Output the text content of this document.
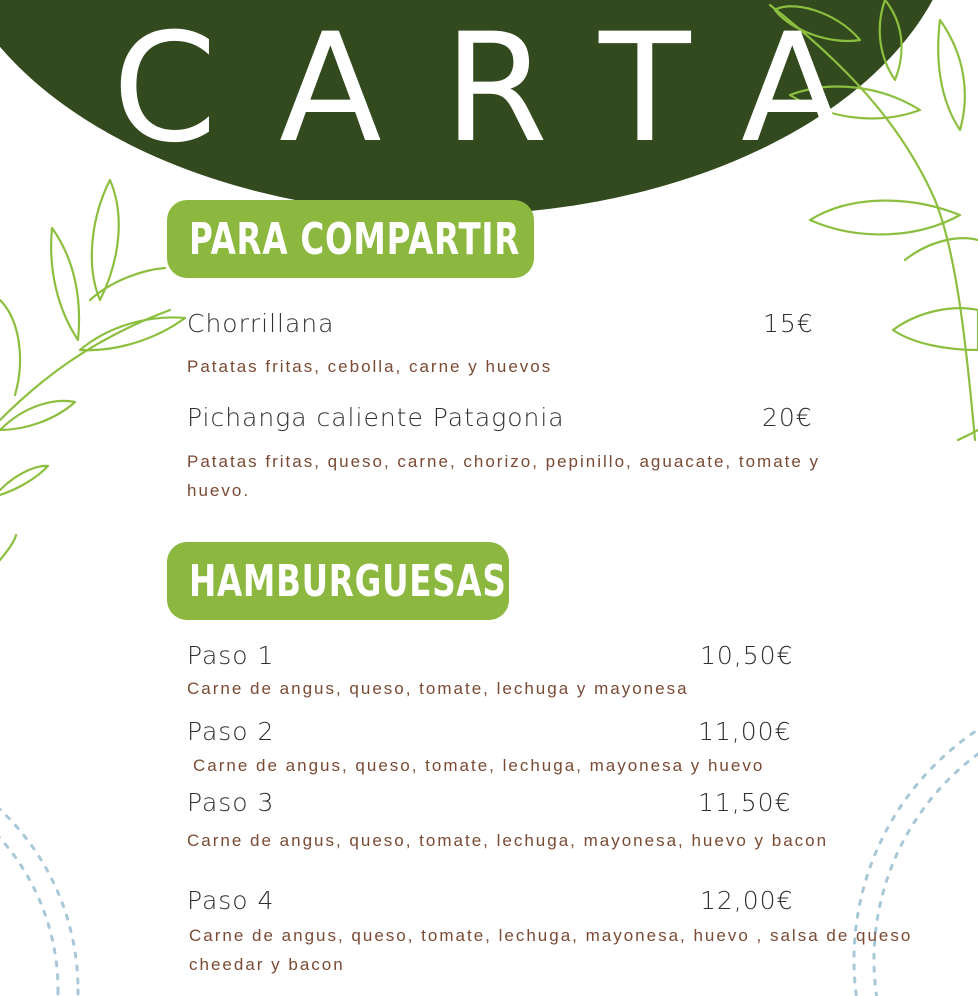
CARTA
PARA COMPARTIR
Chorrillana	15€
Patatas fritas, cebolla, carne y huevos
Pichanga caliente Patagonia	20€
Patatas fritas, queso, carne, chorizo, pepinillo, aguacate, tomate y huevo.
HAMBURGUESAS
Paso 1	10,50€
Carne de angus, queso, tomate, lechuga y mayonesa
Paso 2	11,00€
Carne de angus, queso, tomate, lechuga, mayonesa y huevo
Paso 3	11,50€
Carne de angus, queso, tomate, lechuga, mayonesa, huevo y bacon
Paso 4	12,00€
Carne de angus, queso, tomate, lechuga, mayonesa, huevo , salsa de queso cheedar y bacon
